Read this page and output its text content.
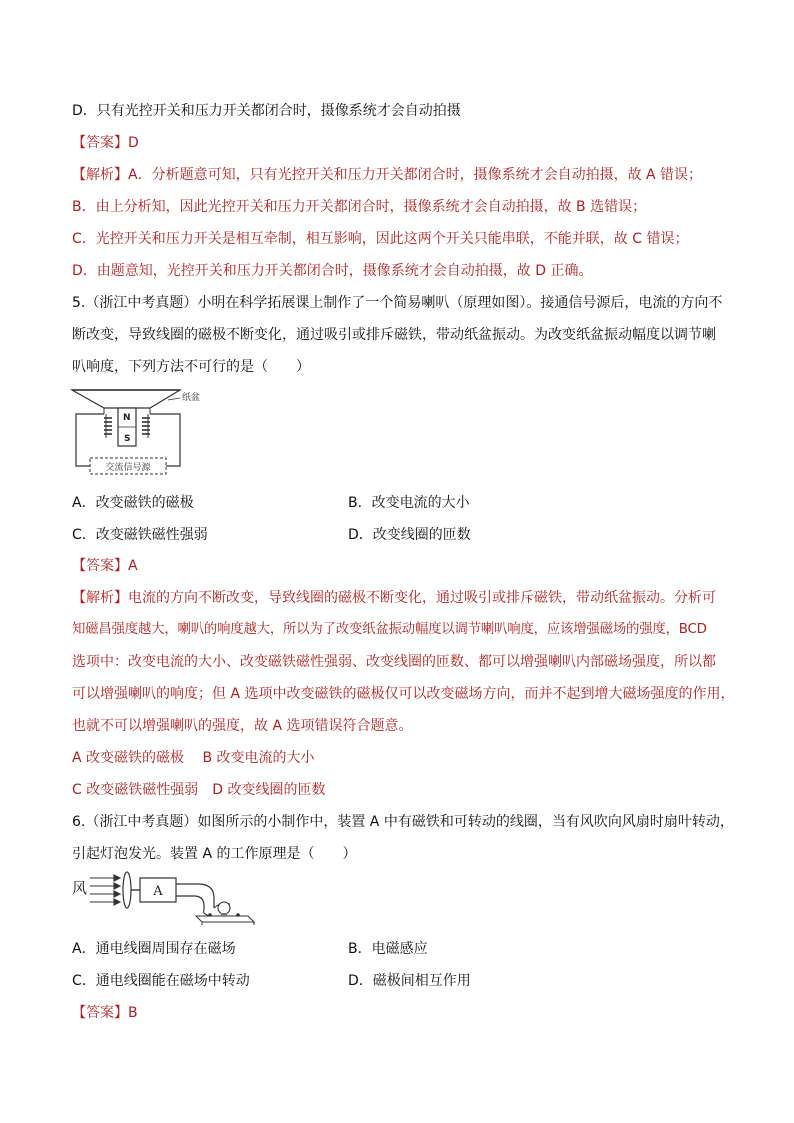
D．只有光控开关和压力开关都闭合时，摄像系统才会自动拍摄
【答案】D
【解析】A．分析题意可知，只有光控开关和压力开关都闭合时，摄像系统才会自动拍摄，故 A 错误；
B．由上分析知，因此光控开关和压力开关都闭合时，摄像系统才会自动拍摄，故 B 选错误；
C．光控开关和压力开关是相互牵制，相互影响，因此这两个开关只能串联，不能并联，故 C 错误；
D．由题意知，光控开关和压力开关都闭合时，摄像系统才会自动拍摄，故 D 正确。
5.（浙江中考真题）小明在科学拓展课上制作了一个简易喇叭（原理如图）。接通信号源后，电流的方向不
断改变，导致线圈的磁极不断变化，通过吸引或排斥磁铁，带动纸盆振动。为改变纸盆振动幅度以调节喇
叭响度，下列方法不可行的是（　　）
纸盆
N
S
交流信号源
A．改变磁铁的磁极	B．改变电流的大小
C．改变磁铁磁性强弱	D．改变线圈的匝数
【答案】A
【解析】电流的方向不断改变，导致线圈的磁极不断变化，通过吸引或排斥磁铁，带动纸盆振动。分析可
知磁昌强度越大，喇叭的响度越大，所以为了改变纸盆振动幅度以调节喇叭响度，应该增强磁场的强度，BCD
选项中：改变电流的大小、改变磁铁磁性强弱、改变线圈的匝数、都可以增强喇叭内部磁场强度，所以都
可以增强喇叭的响度；但 A 选项中改变磁铁的磁极仅可以改变磁场方向，而并不起到增大磁场强度的作用，
也就不可以增强喇叭的强度，故 A 选项错误符合题意。
A 改变磁铁的磁极　 B 改变电流的大小
C 改变磁铁磁性强弱　D 改变线圈的匝数
6.（浙江中考真题）如图所示的小制作中，装置 A 中有磁铁和可转动的线圈，当有风吹向风扇时扇叶转动，
引起灯泡发光。装置 A 的工作原理是（　　）
风	A
A．通电线圈周围存在磁场	B．电磁感应
C．通电线圈能在磁场中转动	D．磁极间相互作用
【答案】B
